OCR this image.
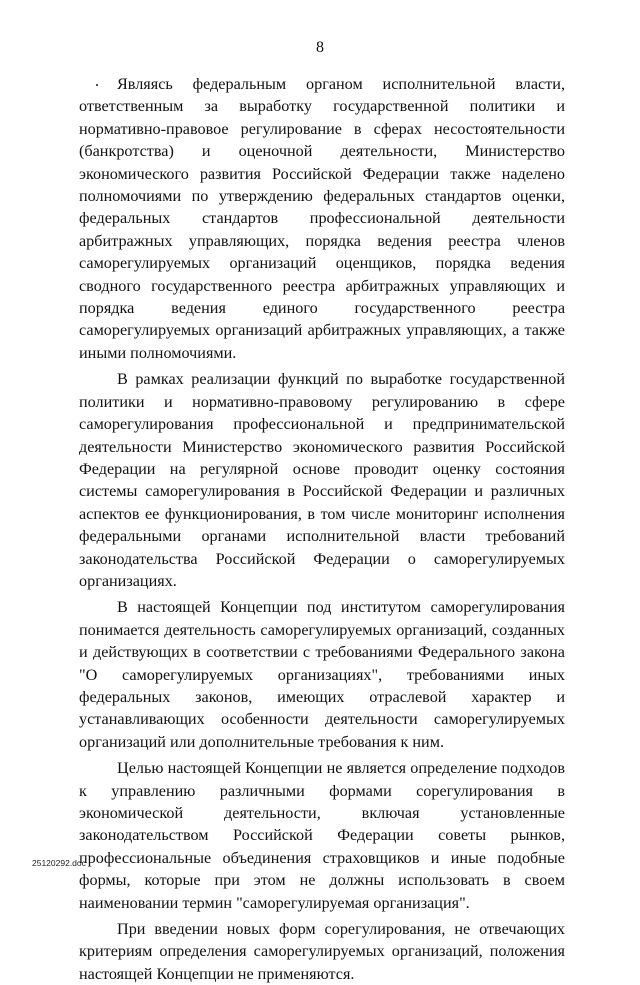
8

Являясь федеральным органом исполнительной власти, ответственным за выработку государственной политики и нормативно-правовое регулирование в сферах несостоятельности (банкротства) и оценочной деятельности, Министерство экономического развития Российской Федерации также наделено полномочиями по утверждению федеральных стандартов оценки, федеральных стандартов профессиональной деятельности арбитражных управляющих, порядка ведения реестра членов саморегулируемых организаций оценщиков, порядка ведения сводного государственного реестра арбитражных управляющих и порядка ведения единого государственного реестра саморегулируемых организаций арбитражных управляющих, а также иными полномочиями.

В рамках реализации функций по выработке государственной политики и нормативно-правовому регулированию в сфере саморегулирования профессиональной и предпринимательской деятельности Министерство экономического развития Российской Федерации на регулярной основе проводит оценку состояния системы саморегулирования в Российской Федерации и различных аспектов ее функционирования, в том числе мониторинг исполнения федеральными органами исполнительной власти требований законодательства Российской Федерации о саморегулируемых организациях.

В настоящей Концепции под институтом саморегулирования понимается деятельность саморегулируемых организаций, созданных и действующих в соответствии с требованиями Федерального закона "О саморегулируемых организациях", требованиями иных федеральных законов, имеющих отраслевой характер и устанавливающих особенности деятельности саморегулируемых организаций или дополнительные требования к ним.

Целью настоящей Концепции не является определение подходов к управлению различными формами сорегулирования в экономической деятельности, включая установленные законодательством Российской Федерации советы рынков, профессиональные объединения страховщиков и иные подобные формы, которые при этом не должны использовать в своем наименовании термин "саморегулируемая организация".

При введении новых форм сорегулирования, не отвечающих критериям определения саморегулируемых организаций, положения настоящей Концепции не применяются.

25120292.doc
